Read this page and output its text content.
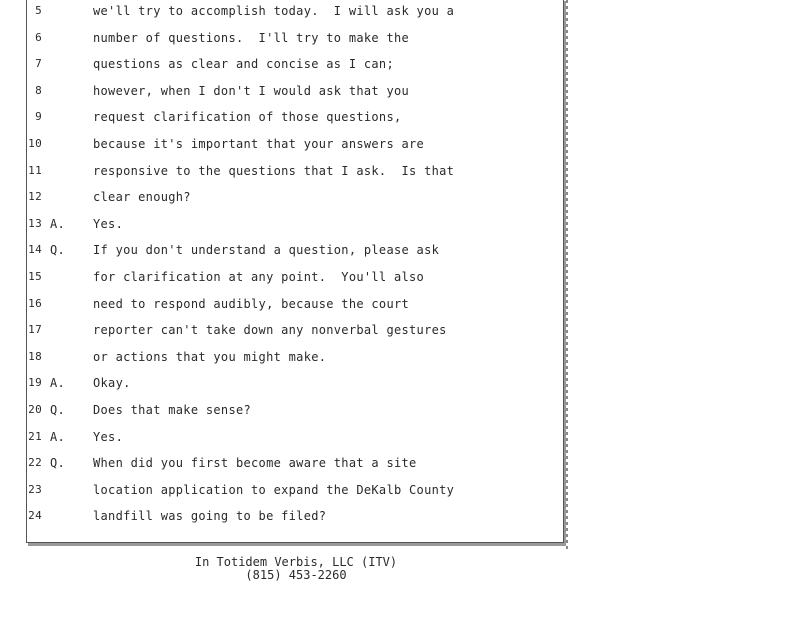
5	we'll try to accomplish today.  I will ask you a
6	number of questions.  I'll try to make the
7	questions as clear and concise as I can;
8	however, when I don't I would ask that you
9	request clarification of those questions,
10	because it's important that your answers are
11	responsive to the questions that I ask.  Is that
12	clear enough?
13 A. Yes.
14 Q. If you don't understand a question, please ask
15	for clarification at any point.  You'll also
16	need to respond audibly, because the court
17	reporter can't take down any nonverbal gestures
18	or actions that you might make.
19 A. Okay.
20 Q. Does that make sense?
21 A. Yes.
22 Q. When did you first become aware that a site
23	location application to expand the DeKalb County
24	landfill was going to be filed?
In Totidem Verbis, LLC (ITV)
(815) 453-2260
